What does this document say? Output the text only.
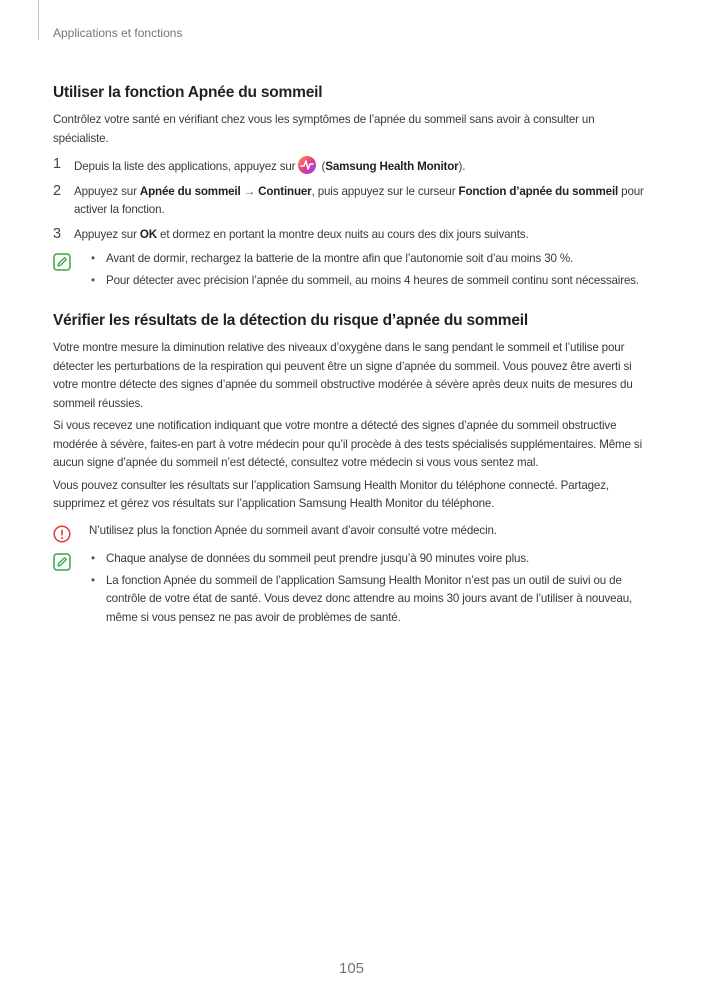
Applications et fonctions
Utiliser la fonction Apnée du sommeil

Contrôlez votre santé en vérifiant chez vous les symptômes de l’apnée du sommeil sans avoir à consulter un spécialiste.

1 Depuis la liste des applications, appuyez sur
(Samsung Health Monitor).
2 Appuyez sur Apnée du sommeil → Continuer, puis appuyez sur le curseur Fonction d’apnée du sommeil pour activer la fonction.
3 Appuyez sur OK et dormez en portant la montre deux nuits au cours des dix jours suivants.
• Avant de dormir, rechargez la batterie de la montre afin que l’autonomie soit d’au moins 30 %.
• Pour détecter avec précision l’apnée du sommeil, au moins 4 heures de sommeil continu sont nécessaires.
Vérifier les résultats de la détection du risque d’apnée du sommeil

Votre montre mesure la diminution relative des niveaux d’oxygène dans le sang pendant le sommeil et l’utilise pour détecter les perturbations de la respiration qui peuvent être un signe d’apnée du sommeil. Vous pouvez être averti si votre montre détecte des signes d’apnée du sommeil obstructive modérée à sévère après deux nuits de mesures du sommeil réussies.

Si vous recevez une notification indiquant que votre montre a détecté des signes d’apnée du sommeil obstructive modérée à sévère, faites-en part à votre médecin pour qu’il procède à des tests spécialisés supplémentaires. Même si aucun signe d’apnée du sommeil n’est détecté, consultez votre médecin si vous vous sentez mal.

Vous pouvez consulter les résultats sur l’application Samsung Health Monitor du téléphone connecté. Partagez, supprimez et gérez vos résultats sur l’application Samsung Health Monitor du téléphone.

N’utilisez plus la fonction Apnée du sommeil avant d’avoir consulté votre médecin.
• Chaque analyse de données du sommeil peut prendre jusqu’à 90 minutes voire plus.
• La fonction Apnée du sommeil de l’application Samsung Health Monitor n’est pas un outil de suivi ou de contrôle de votre état de santé. Vous devez donc attendre au moins 30 jours avant de l’utiliser à nouveau, même si vous pensez ne pas avoir de problèmes de santé.
105
